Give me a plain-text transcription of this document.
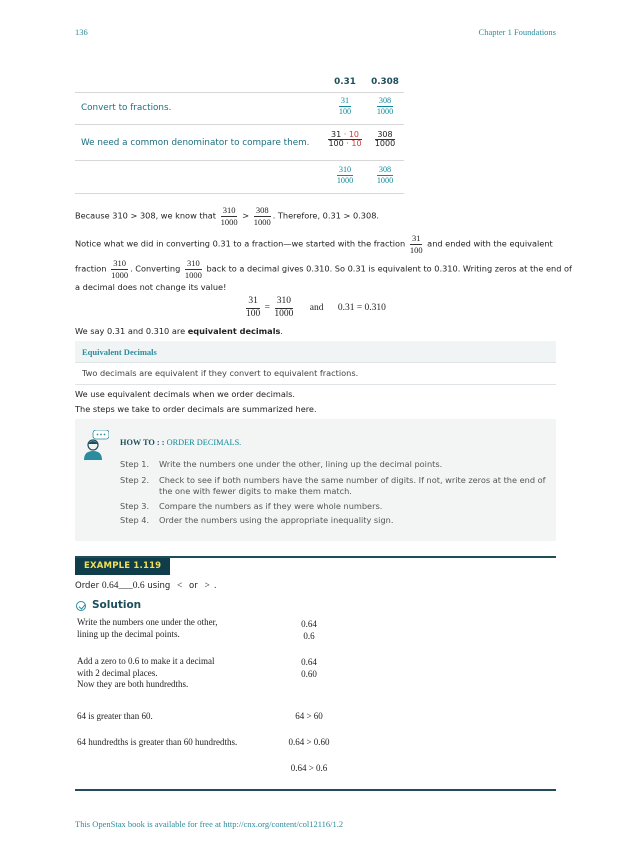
136	Chapter 1 Foundations
0.31	0.308
Convert to fractions.	$\frac{31}{100}$	$\frac{308}{1000}$
We need a common denominator to compare them. $\frac{31 \cdot 10}{100 \cdot 10} \frac{308}{1000}$
$\frac{310}{1000} \frac{308}{1000}$
Because 310 > 308, we know that $\frac{310}{1000} > \frac{308}{1000}$ . Therefore, 0.31 > 0.308.
Notice what we did in converting 0.31 to a fraction—we started with the fraction $\frac{31}{100}$ and ended with the equivalent
fraction $\frac{310}{1000}$ . Converting $\frac{310}{1000}$ back to a decimal gives 0.310. So 0.31 is equivalent to 0.310. Writing zeros at the end of
a decimal does not change its value!
$\frac{31}{100} = \frac{310}{1000}$ and 0.31 = 0.310
We say 0.31 and 0.310 are equivalent decimals.
Equivalent Decimals
Two decimals are equivalent if they convert to equivalent fractions.
We use equivalent decimals when we order decimals.
The steps we take to order decimals are summarized here.
HOW TO : : ORDER DECIMALS.
Step 1.	Write the numbers one under the other, lining up the decimal points.
Step 2.	Check to see if both numbers have the same number of digits. If not, write zeros at the end of the one with fewer digits to make them match.
Step 3.	Compare the numbers as if they were whole numbers.
Step 4.	Order the numbers using the appropriate inequality sign.
EXAMPLE 1.119
Order 0.64___0.6 using < or > .
Solution
Write the numbers one under the other,
lining up the decimal points.
0.64
0.6
Add a zero to 0.6 to make it a decimal
with 2 decimal places.
Now they are both hundredths.
0.64
0.60
64 is greater than 60.	64 > 60
64 hundredths is greater than 60 hundredths.	0.64 > 0.60
0.64 > 0.6
This OpenStax book is available for free at http://cnx.org/content/col12116/1.2
